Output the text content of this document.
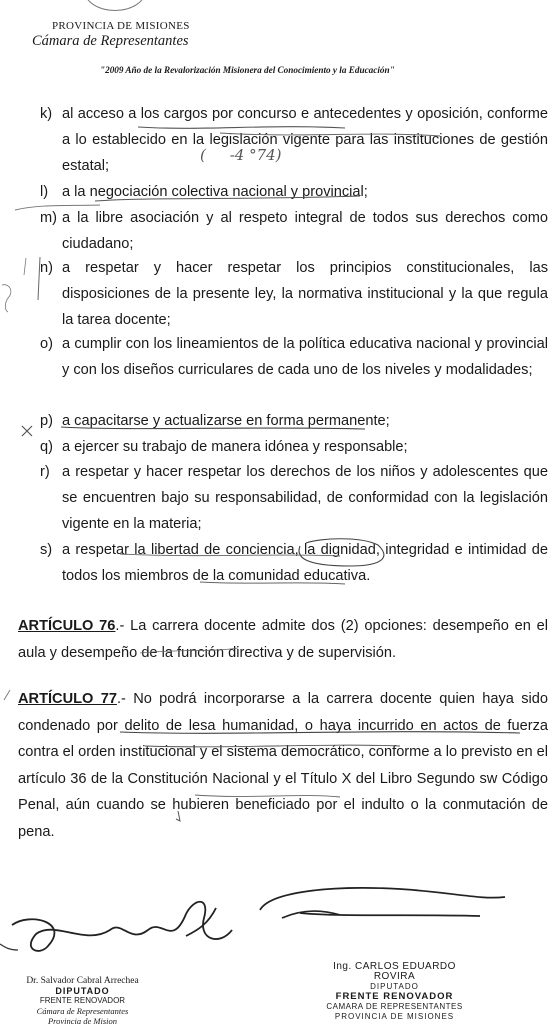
PROVINCIA DE MISIONES
Cámara de Representantes
"2009 Año de la Revalorización Misionera del Conocimiento y la Educación"
k) al acceso a los cargos por concurso e antecedentes y oposición, conforme a lo establecido en la legislación vigente para las instituciones de gestión estatal;
l) a la negociación colectiva nacional y provincial;
m) a la libre asociación y al respeto integral de todos sus derechos como ciudadano;
n) a respetar y hacer respetar los principios constitucionales, las disposiciones de la presente ley, la normativa institucional y la que regula la tarea docente;
o) a cumplir con los lineamientos de la política educativa nacional y provincial y con los diseños curriculares de cada uno de los niveles y modalidades;
p) a capacitarse y actualizarse en forma permanente;
q) a ejercer su trabajo de manera idónea y responsable;
r) a respetar y hacer respetar los derechos de los niños y adolescentes que se encuentren bajo su responsabilidad, de conformidad con la legislación vigente en la materia;
s) a respetar la libertad de conciencia, la dignidad, integridad e intimidad de todos los miembros de la comunidad educativa.
ARTÍCULO 76.- La carrera docente admite dos (2) opciones: desempeño en el aula y desempeño de la función directiva y de supervisión.
ARTÍCULO 77.- No podrá incorporarse a la carrera docente quien haya sido condenado por delito de lesa humanidad, o haya incurrido en actos de fuerza contra el orden institucional y el sistema democrático, conforme a lo previsto en el artículo 36 de la Constitución Nacional y el Título X del Libro Segundo sw Código Penal, aún cuando se hubieren beneficiado por el indulto o la conmutación de pena.
(     -4 °74)
Dr. Salvador Cabral Arrechea
DIPUTADO
FRENTE RENOVADOR
Cámara de Representantes
Provincia de Mision
Ing. CARLOS EDUARDO ROVIRA
DIPUTADO
FRENTE RENOVADOR
CAMARA DE REPRESENTANTES
PROVINCIA DE MISIONES
